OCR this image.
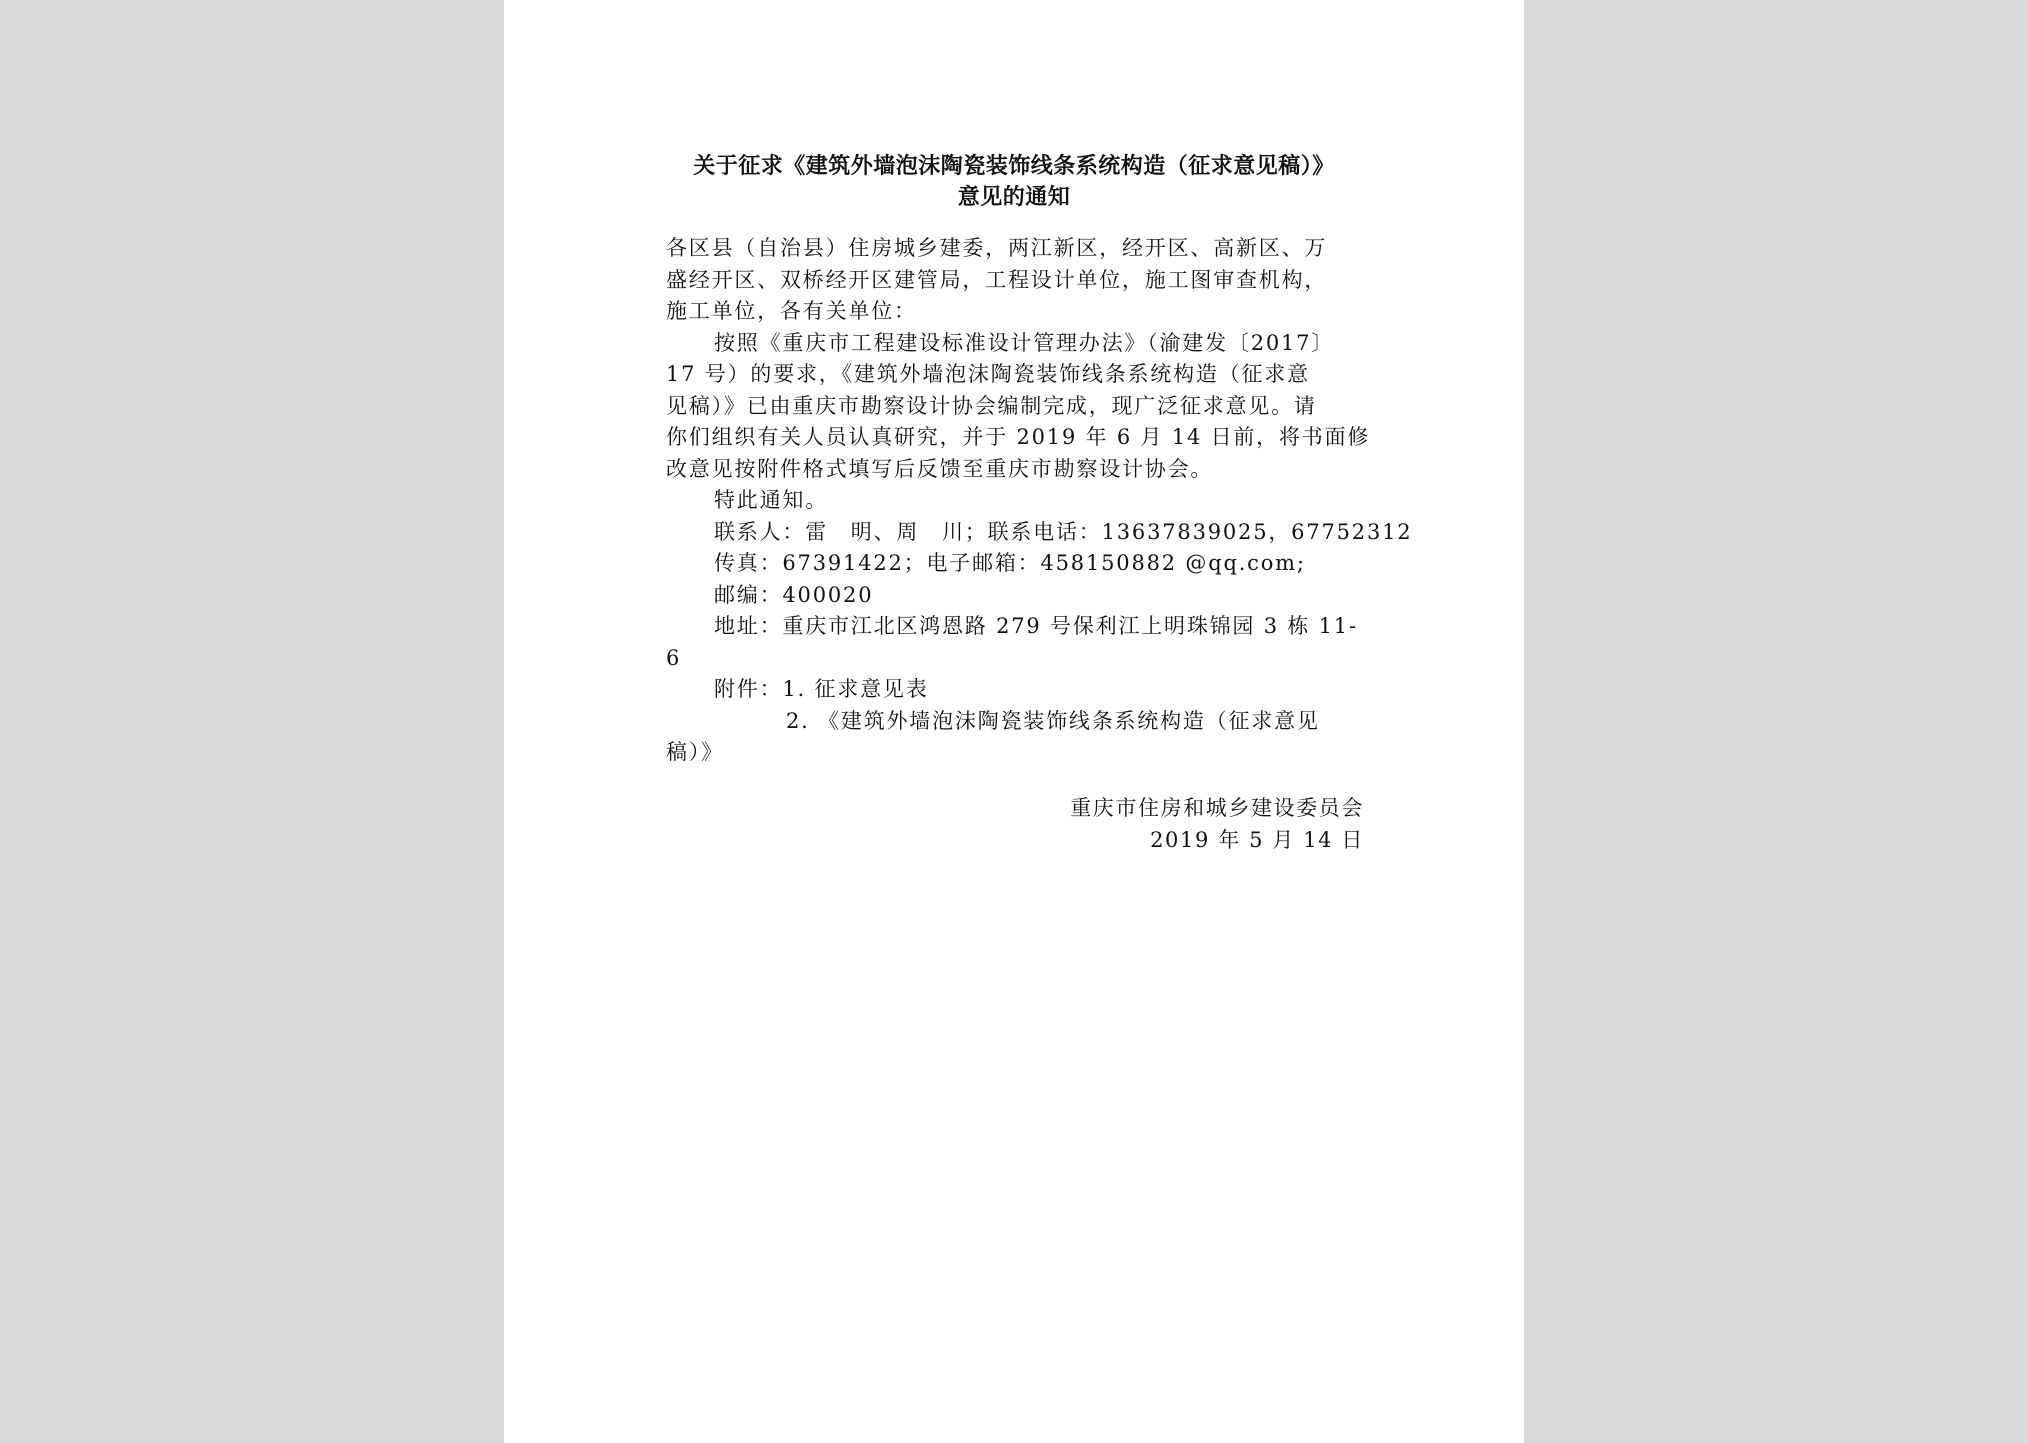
关于征求《建筑外墙泡沫陶瓷装饰线条系统构造（征求意见稿）》
意见的通知
各区县（自治县）住房城乡建委，两江新区，经开区、高新区、万
盛经开区、双桥经开区建管局，工程设计单位，施工图审查机构，
施工单位，各有关单位：
按照《重庆市工程建设标准设计管理办法》（渝建发〔2017〕
17 号）的要求，《建筑外墙泡沫陶瓷装饰线条系统构造（征求意
见稿）》已由重庆市勘察设计协会编制完成，现广泛征求意见。请
你们组织有关人员认真研究，并于 2019 年 6 月 14 日前，将书面修
改意见按附件格式填写后反馈至重庆市勘察设计协会。
特此通知。
联系人：雷　明、周　川；联系电话：13637839025，67752312
传真：67391422；电子邮箱：458150882 @qq.com;
邮编：400020
地址：重庆市江北区鸿恩路 279 号保利江上明珠锦园 3 栋 11-
6
附件：1. 征求意见表
2. 《建筑外墙泡沫陶瓷装饰线条系统构造（征求意见
稿）》
重庆市住房和城乡建设委员会
2019 年 5 月 14 日
